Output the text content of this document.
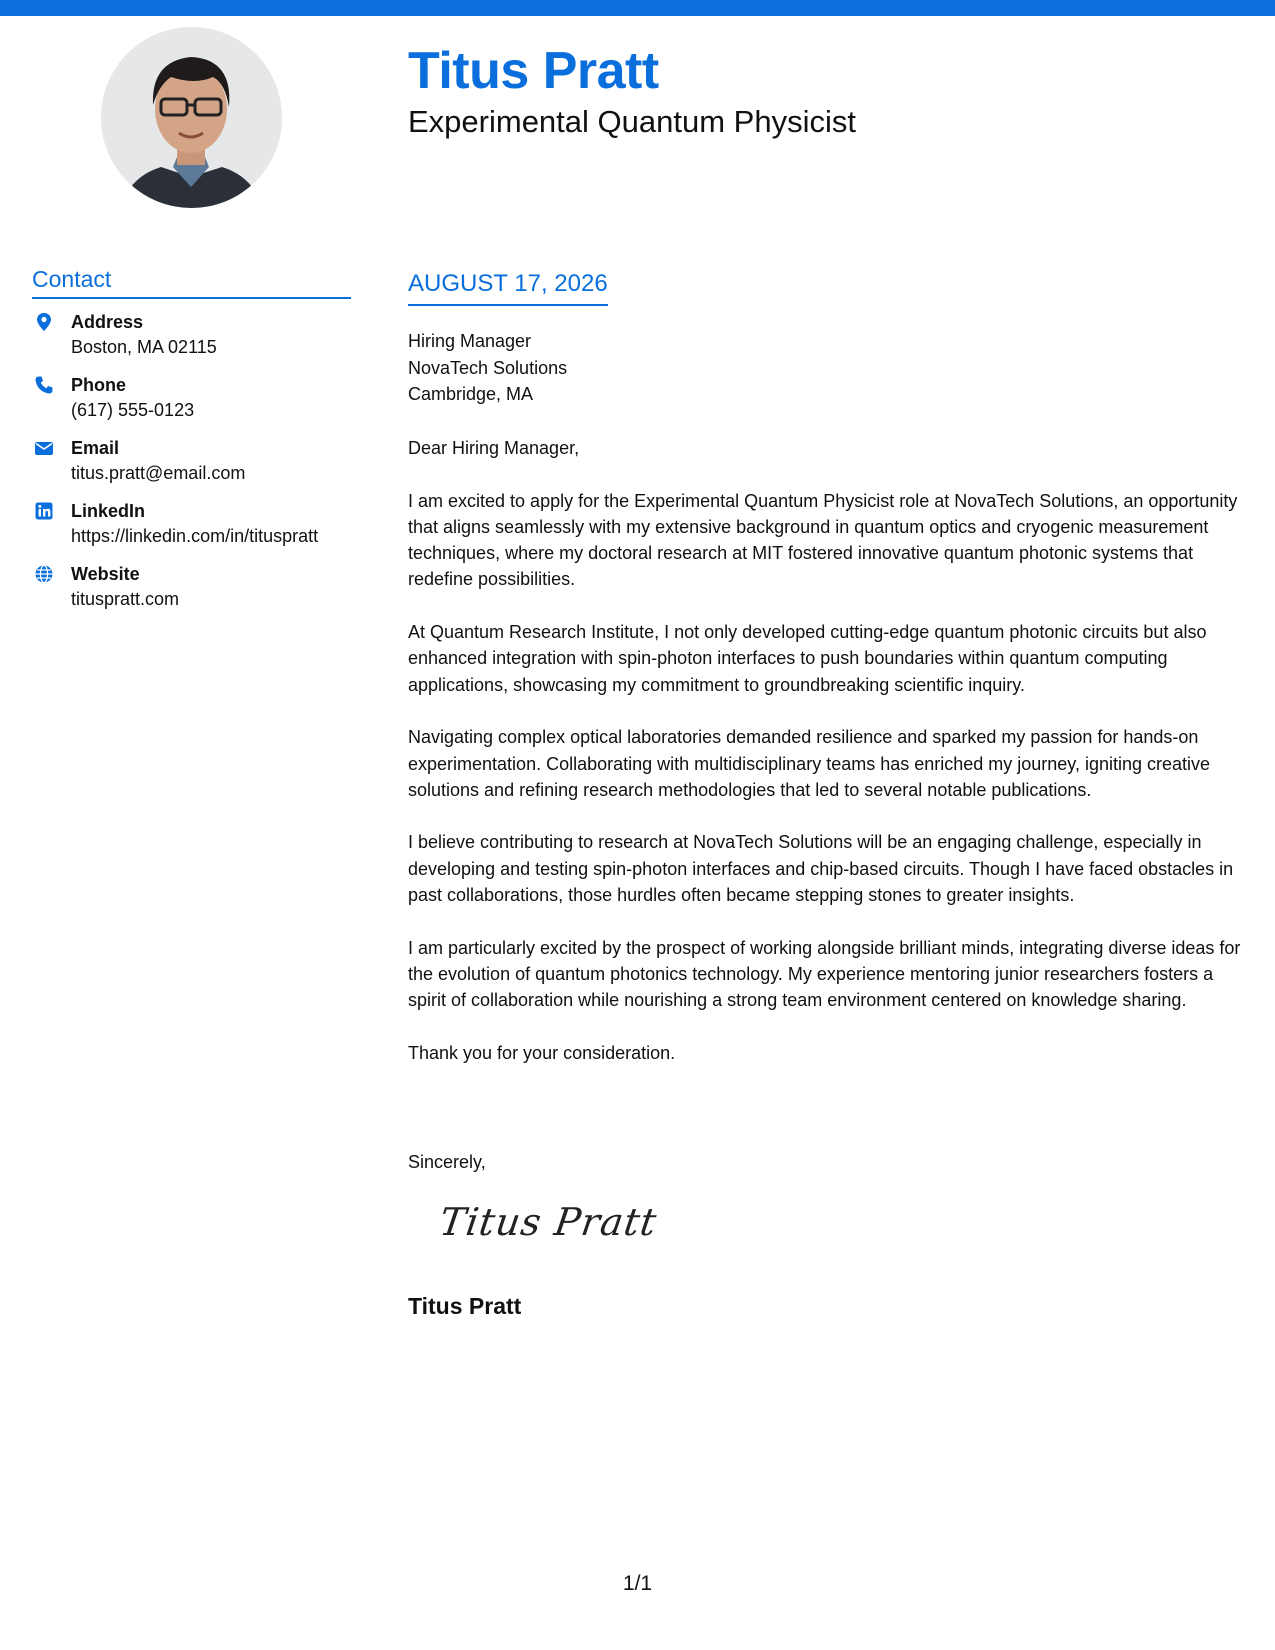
Titus Pratt
Experimental Quantum Physicist
Contact
Address
Boston, MA 02115
Phone
(617) 555-0123
Email
titus.pratt@email.com
LinkedIn
https://linkedin.com/in/tituspratt
Website
tituspratt.com
AUGUST 17, 2026
Hiring Manager
NovaTech Solutions
Cambridge, MA

Dear Hiring Manager,

I am excited to apply for the Experimental Quantum Physicist role at NovaTech Solutions, an opportunity that aligns seamlessly with my extensive background in quantum optics and cryogenic measurement techniques, where my doctoral research at MIT fostered innovative quantum photonic systems that redefine possibilities.

At Quantum Research Institute, I not only developed cutting-edge quantum photonic circuits but also enhanced integration with spin-photon interfaces to push boundaries within quantum computing applications, showcasing my commitment to groundbreaking scientific inquiry.

Navigating complex optical laboratories demanded resilience and sparked my passion for hands-on experimentation. Collaborating with multidisciplinary teams has enriched my journey, igniting creative solutions and refining research methodologies that led to several notable publications.

I believe contributing to research at NovaTech Solutions will be an engaging challenge, especially in developing and testing spin-photon interfaces and chip-based circuits. Though I have faced obstacles in past collaborations, those hurdles often became stepping stones to greater insights.

I am particularly excited by the prospect of working alongside brilliant minds, integrating diverse ideas for the evolution of quantum photonics technology. My experience mentoring junior researchers fosters a spirit of collaboration while nourishing a strong team environment centered on knowledge sharing.

Thank you for your consideration.

Sincerely,
Titus Pratt
Titus Pratt
1/1
